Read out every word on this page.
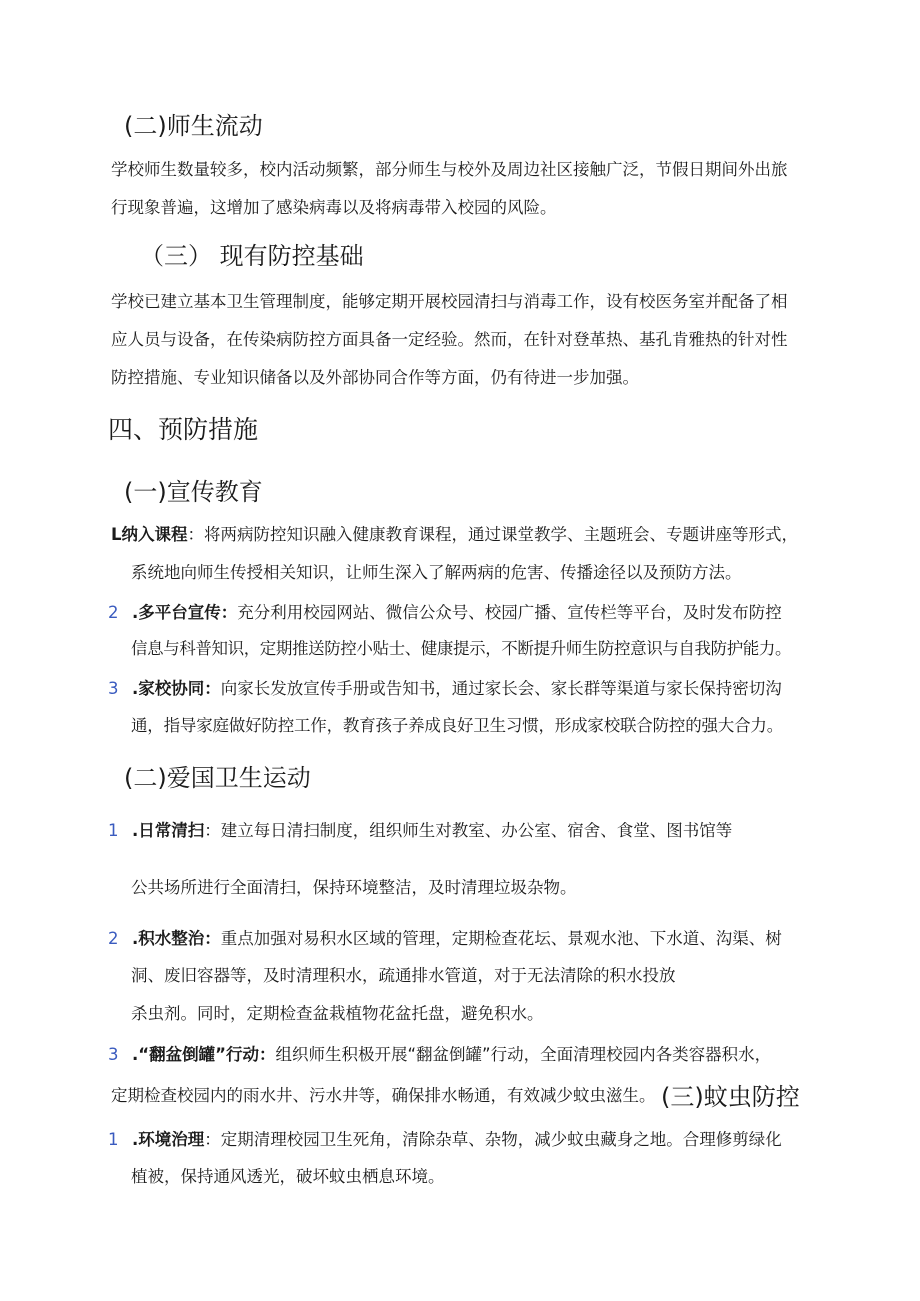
(二)师生流动
学校师生数量较多，校内活动频繁，部分师生与校外及周边社区接触广泛，节假日期间外出旅
行现象普遍，这增加了感染病毒以及将病毒带入校园的风险。
（三） 现有防控基础
学校已建立基本卫生管理制度，能够定期开展校园清扫与消毒工作，设有校医务室并配备了相
应人员与设备，在传染病防控方面具备一定经验。然而，在针对登革热、基孔肯雅热的针对性
防控措施、专业知识储备以及外部协同合作等方面，仍有待进一步加强。
四、预防措施
(一)宣传教育
L纳入课程：将两病防控知识融入健康教育课程，通过课堂教学、主题班会、专题讲座等形式，
系统地向师生传授相关知识，让师生深入了解两病的危害、传播途径以及预防方法。
2 .多平台宣传：充分利用校园网站、微信公众号、校园广播、宣传栏等平台，及时发布防控
信息与科普知识，定期推送防控小贴士、健康提示，不断提升师生防控意识与自我防护能力。
3 .家校协同：向家长发放宣传手册或告知书，通过家长会、家长群等渠道与家长保持密切沟
通，指导家庭做好防控工作，教育孩子养成良好卫生习惯，形成家校联合防控的强大合力。
(二)爱国卫生运动
1 .日常清扫：建立每日清扫制度，组织师生对教室、办公室、宿舍、食堂、图书馆等
公共场所进行全面清扫，保持环境整洁，及时清理垃圾杂物。
2 .积水整治：重点加强对易积水区域的管理，定期检查花坛、景观水池、下水道、沟渠、树
洞、废旧容器等，及时清理积水，疏通排水管道，对于无法清除的积水投放
杀虫剂。同时，定期检查盆栽植物花盆托盘，避免积水。
3 .“翻盆倒罐”行动：组织师生积极开展“翻盆倒罐”行动，全面清理校园内各类容器积水，
定期检查校园内的雨水井、污水井等，确保排水畅通，有效减少蚊虫滋生。 (三)蚊虫防控
1 .环境治理：定期清理校园卫生死角，清除杂草、杂物，减少蚊虫藏身之地。合理修剪绿化
植被，保持通风透光，破坏蚊虫栖息环境。
